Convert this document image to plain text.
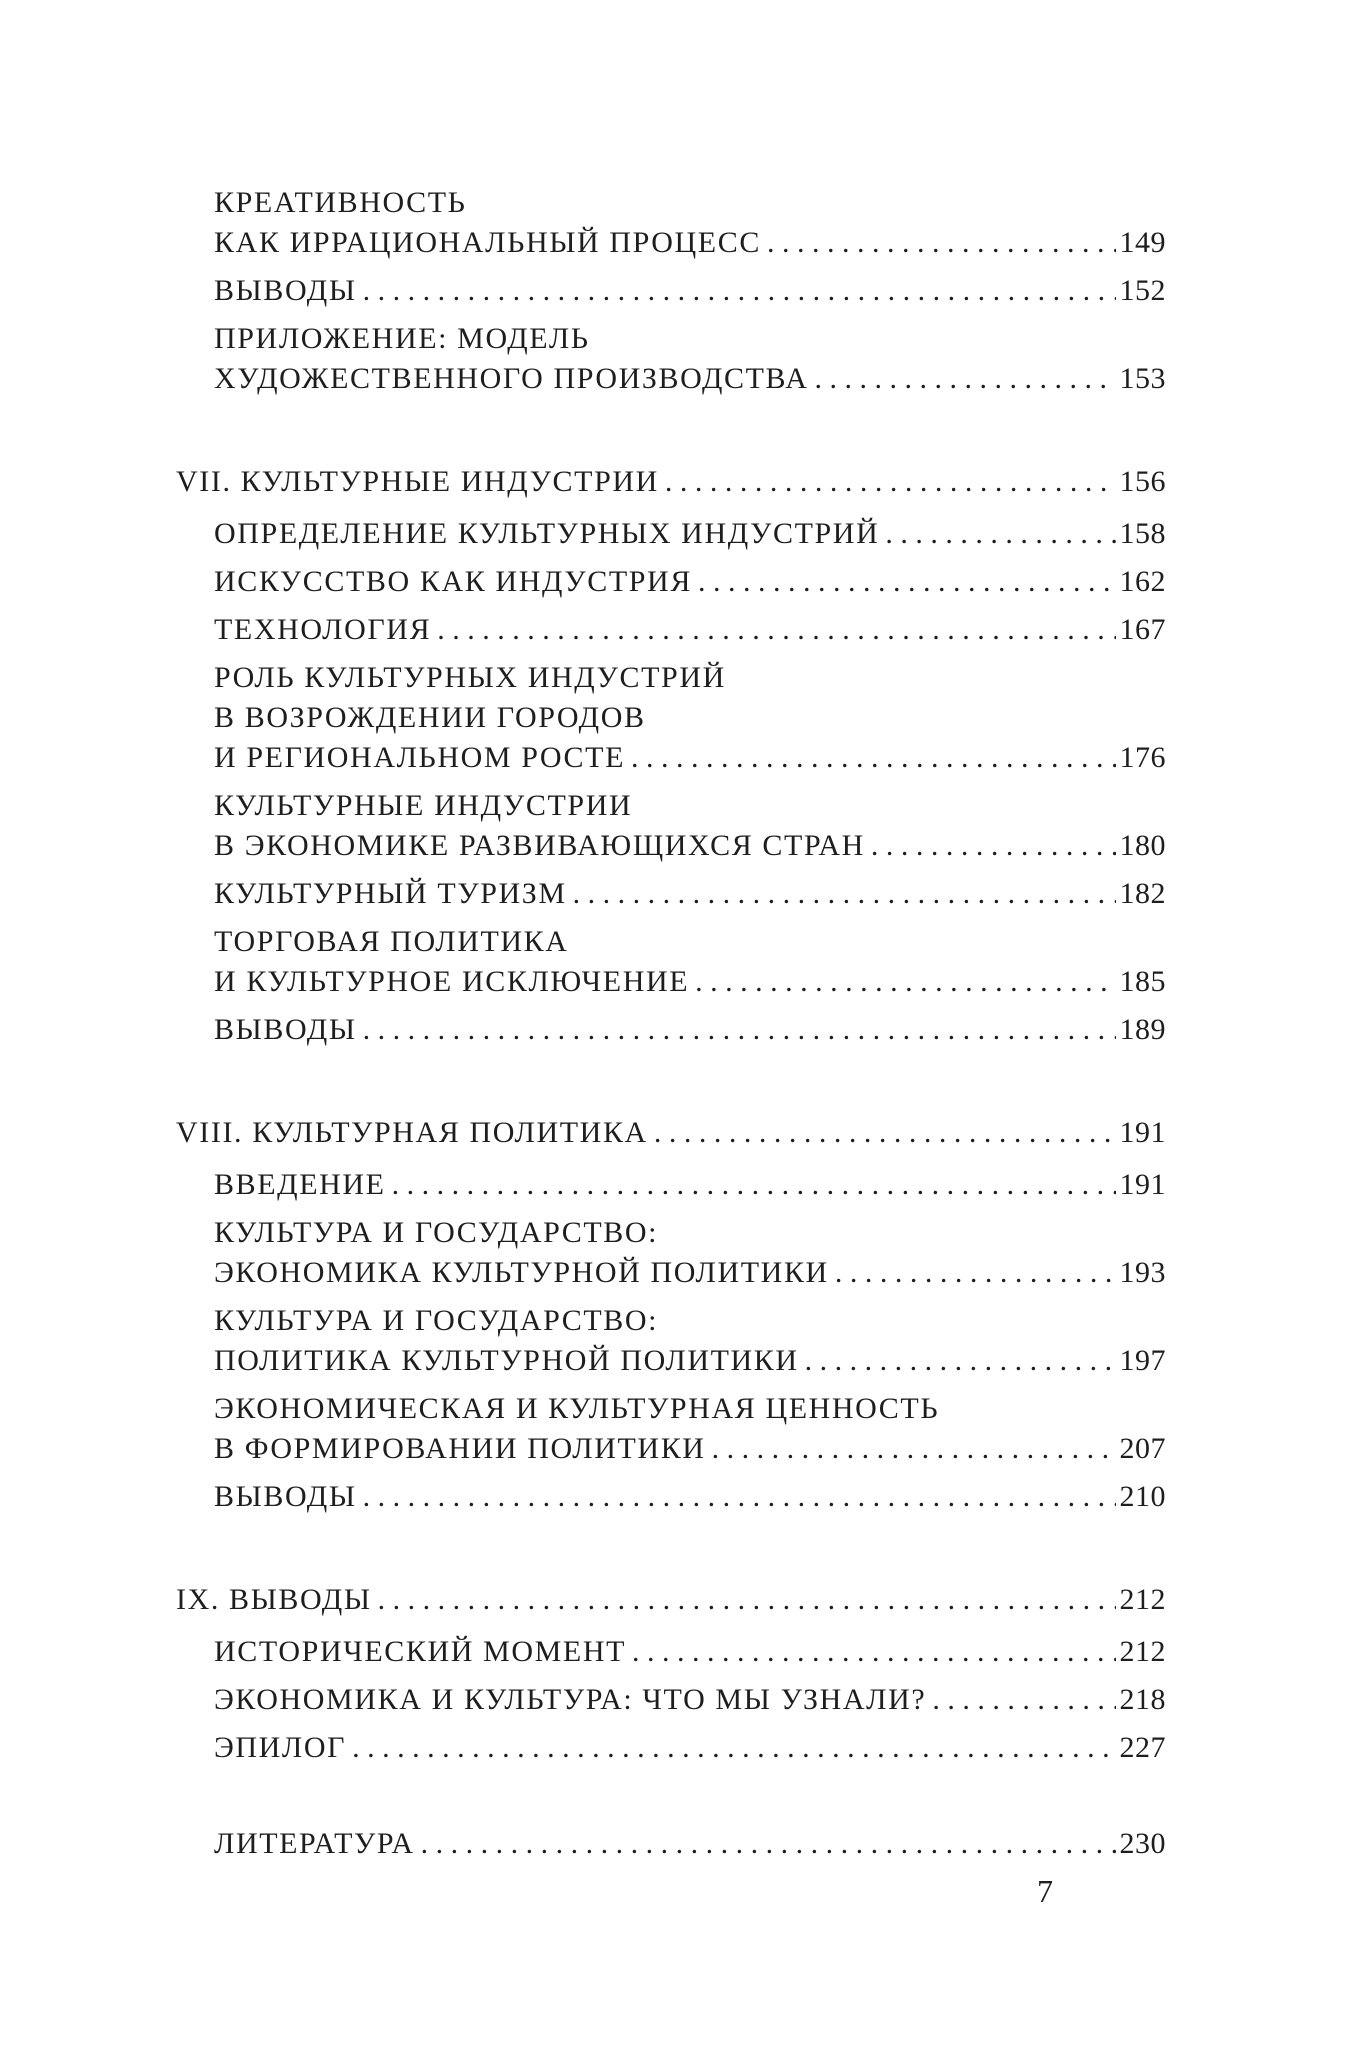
КРЕАТИВНОСТЬ
КАК ИРРАЦИОНАЛЬНЫЙ ПРОЦЕСС . . .	149
ВЫВОДЫ . . .	152
ПРИЛОЖЕНИЕ: МОДЕЛЬ
ХУДОЖЕСТВЕННОГО ПРОИЗВОДСТВА . . .	153
VII. КУЛЬТУРНЫЕ ИНДУСТРИИ . . .	156
ОПРЕДЕЛЕНИЕ КУЛЬТУРНЫХ ИНДУСТРИЙ . . .	158
ИСКУССТВО КАК ИНДУСТРИЯ . . .	162
ТЕХНОЛОГИЯ . . .	167
РОЛЬ КУЛЬТУРНЫХ ИНДУСТРИЙ
В ВОЗРОЖДЕНИИ ГОРОДОВ
И РЕГИОНАЛЬНОМ РОСТЕ . . .	176
КУЛЬТУРНЫЕ ИНДУСТРИИ
В ЭКОНОМИКЕ РАЗВИВАЮЩИХСЯ СТРАН . . .	180
КУЛЬТУРНЫЙ ТУРИЗМ . . .	182
ТОРГОВАЯ ПОЛИТИКА
И КУЛЬТУРНОЕ ИСКЛЮЧЕНИЕ . . .	185
ВЫВОДЫ . . .	189
VIII. КУЛЬТУРНАЯ ПОЛИТИКА . . .	191
ВВЕДЕНИЕ . . .	191
КУЛЬТУРА И ГОСУДАРСТВО:
ЭКОНОМИКА КУЛЬТУРНОЙ ПОЛИТИКИ . . .	193
КУЛЬТУРА И ГОСУДАРСТВО:
ПОЛИТИКА КУЛЬТУРНОЙ ПОЛИТИКИ . . .	197
ЭКОНОМИЧЕСКАЯ И КУЛЬТУРНАЯ ЦЕННОСТЬ
В ФОРМИРОВАНИИ ПОЛИТИКИ . . .	207
ВЫВОДЫ . . .	210
IX. ВЫВОДЫ . . .	212
ИСТОРИЧЕСКИЙ МОМЕНТ . . .	212
ЭКОНОМИКА И КУЛЬТУРА: ЧТО МЫ УЗНАЛИ? . . .	218
ЭПИЛОГ . . .	227
ЛИТЕРАТУРА . . .	230
7
